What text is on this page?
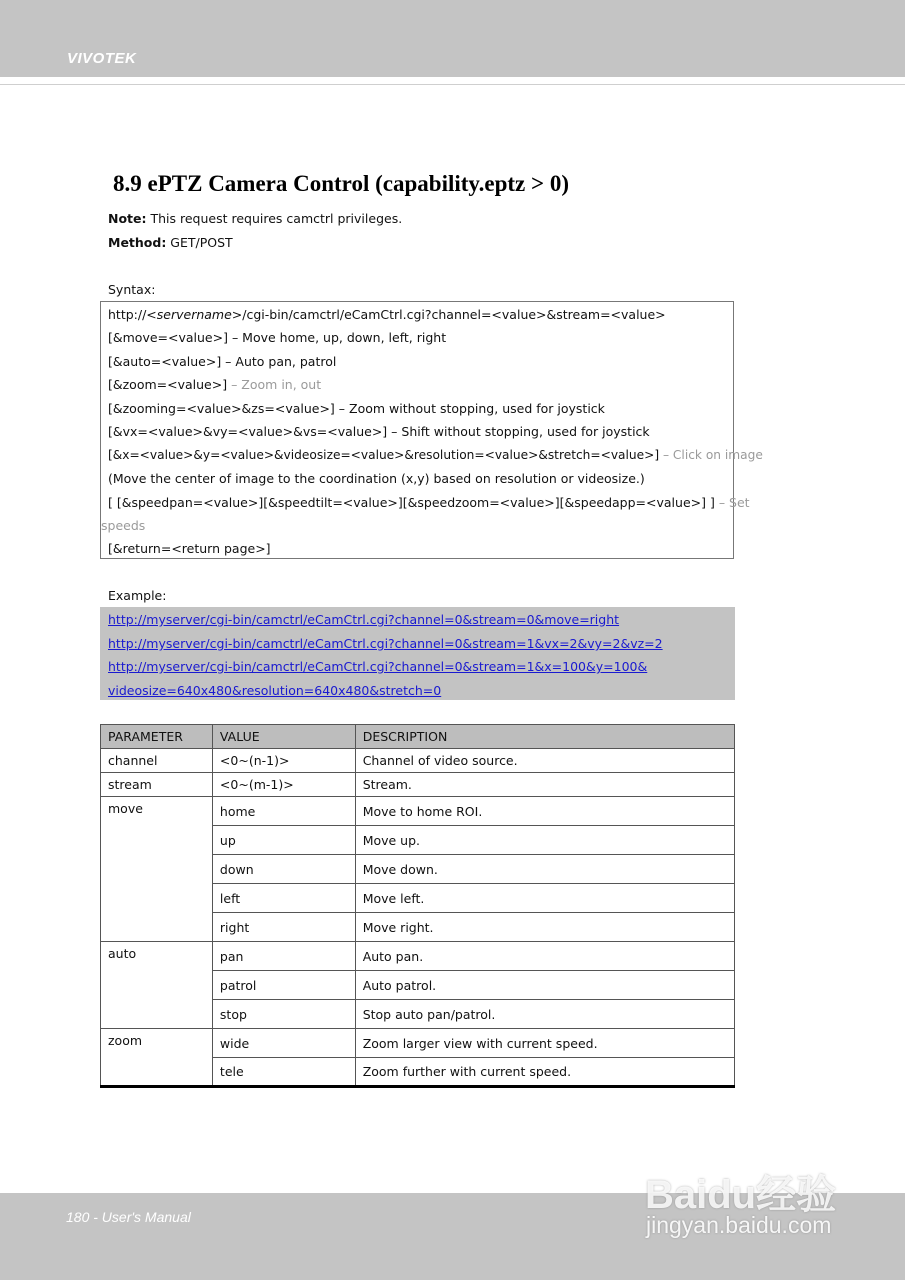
VIVOTEK
8.9 ePTZ Camera Control (capability.eptz > 0)
Note: This request requires camctrl privileges.
Method: GET/POST
Syntax:
http://<servername>/cgi-bin/camctrl/eCamCtrl.cgi?channel=<value>&stream=<value>
[&move=<value>] – Move home, up, down, left, right
[&auto=<value>] – Auto pan, patrol
[&zoom=<value>] – Zoom in, out
[&zooming=<value>&zs=<value>] – Zoom without stopping, used for joystick
[&vx=<value>&vy=<value>&vs=<value>] – Shift without stopping, used for joystick
[&x=<value>&y=<value>&videosize=<value>&resolution=<value>&stretch=<value>] – Click on image
(Move the center of image to the coordination (x,y) based on resolution or videosize.)
[ [&speedpan=<value>][&speedtilt=<value>][&speedzoom=<value>][&speedapp=<value>] ] – Set
speeds
[&return=<return page>]
Example:
http://myserver/cgi-bin/camctrl/eCamCtrl.cgi?channel=0&stream=0&move=right
http://myserver/cgi-bin/camctrl/eCamCtrl.cgi?channel=0&stream=1&vx=2&vy=2&vz=2
http://myserver/cgi-bin/camctrl/eCamCtrl.cgi?channel=0&stream=1&x=100&y=100&
videosize=640x480&resolution=640x480&stretch=0
PARAMETER	VALUE	DESCRIPTION
channel	<0~(n-1)>	Channel of video source.
stream	<0~(m-1)>	Stream.
move	home	Move to home ROI.
	up	Move up.
	down	Move down.
	left	Move left.
	right	Move right.
auto	pan	Auto pan.
	patrol	Auto patrol.
	stop	Stop auto pan/patrol.
zoom	wide	Zoom larger view with current speed.
	tele	Zoom further with current speed.
180 - User's Manual	Baidu经验
jingyan.baidu.com
